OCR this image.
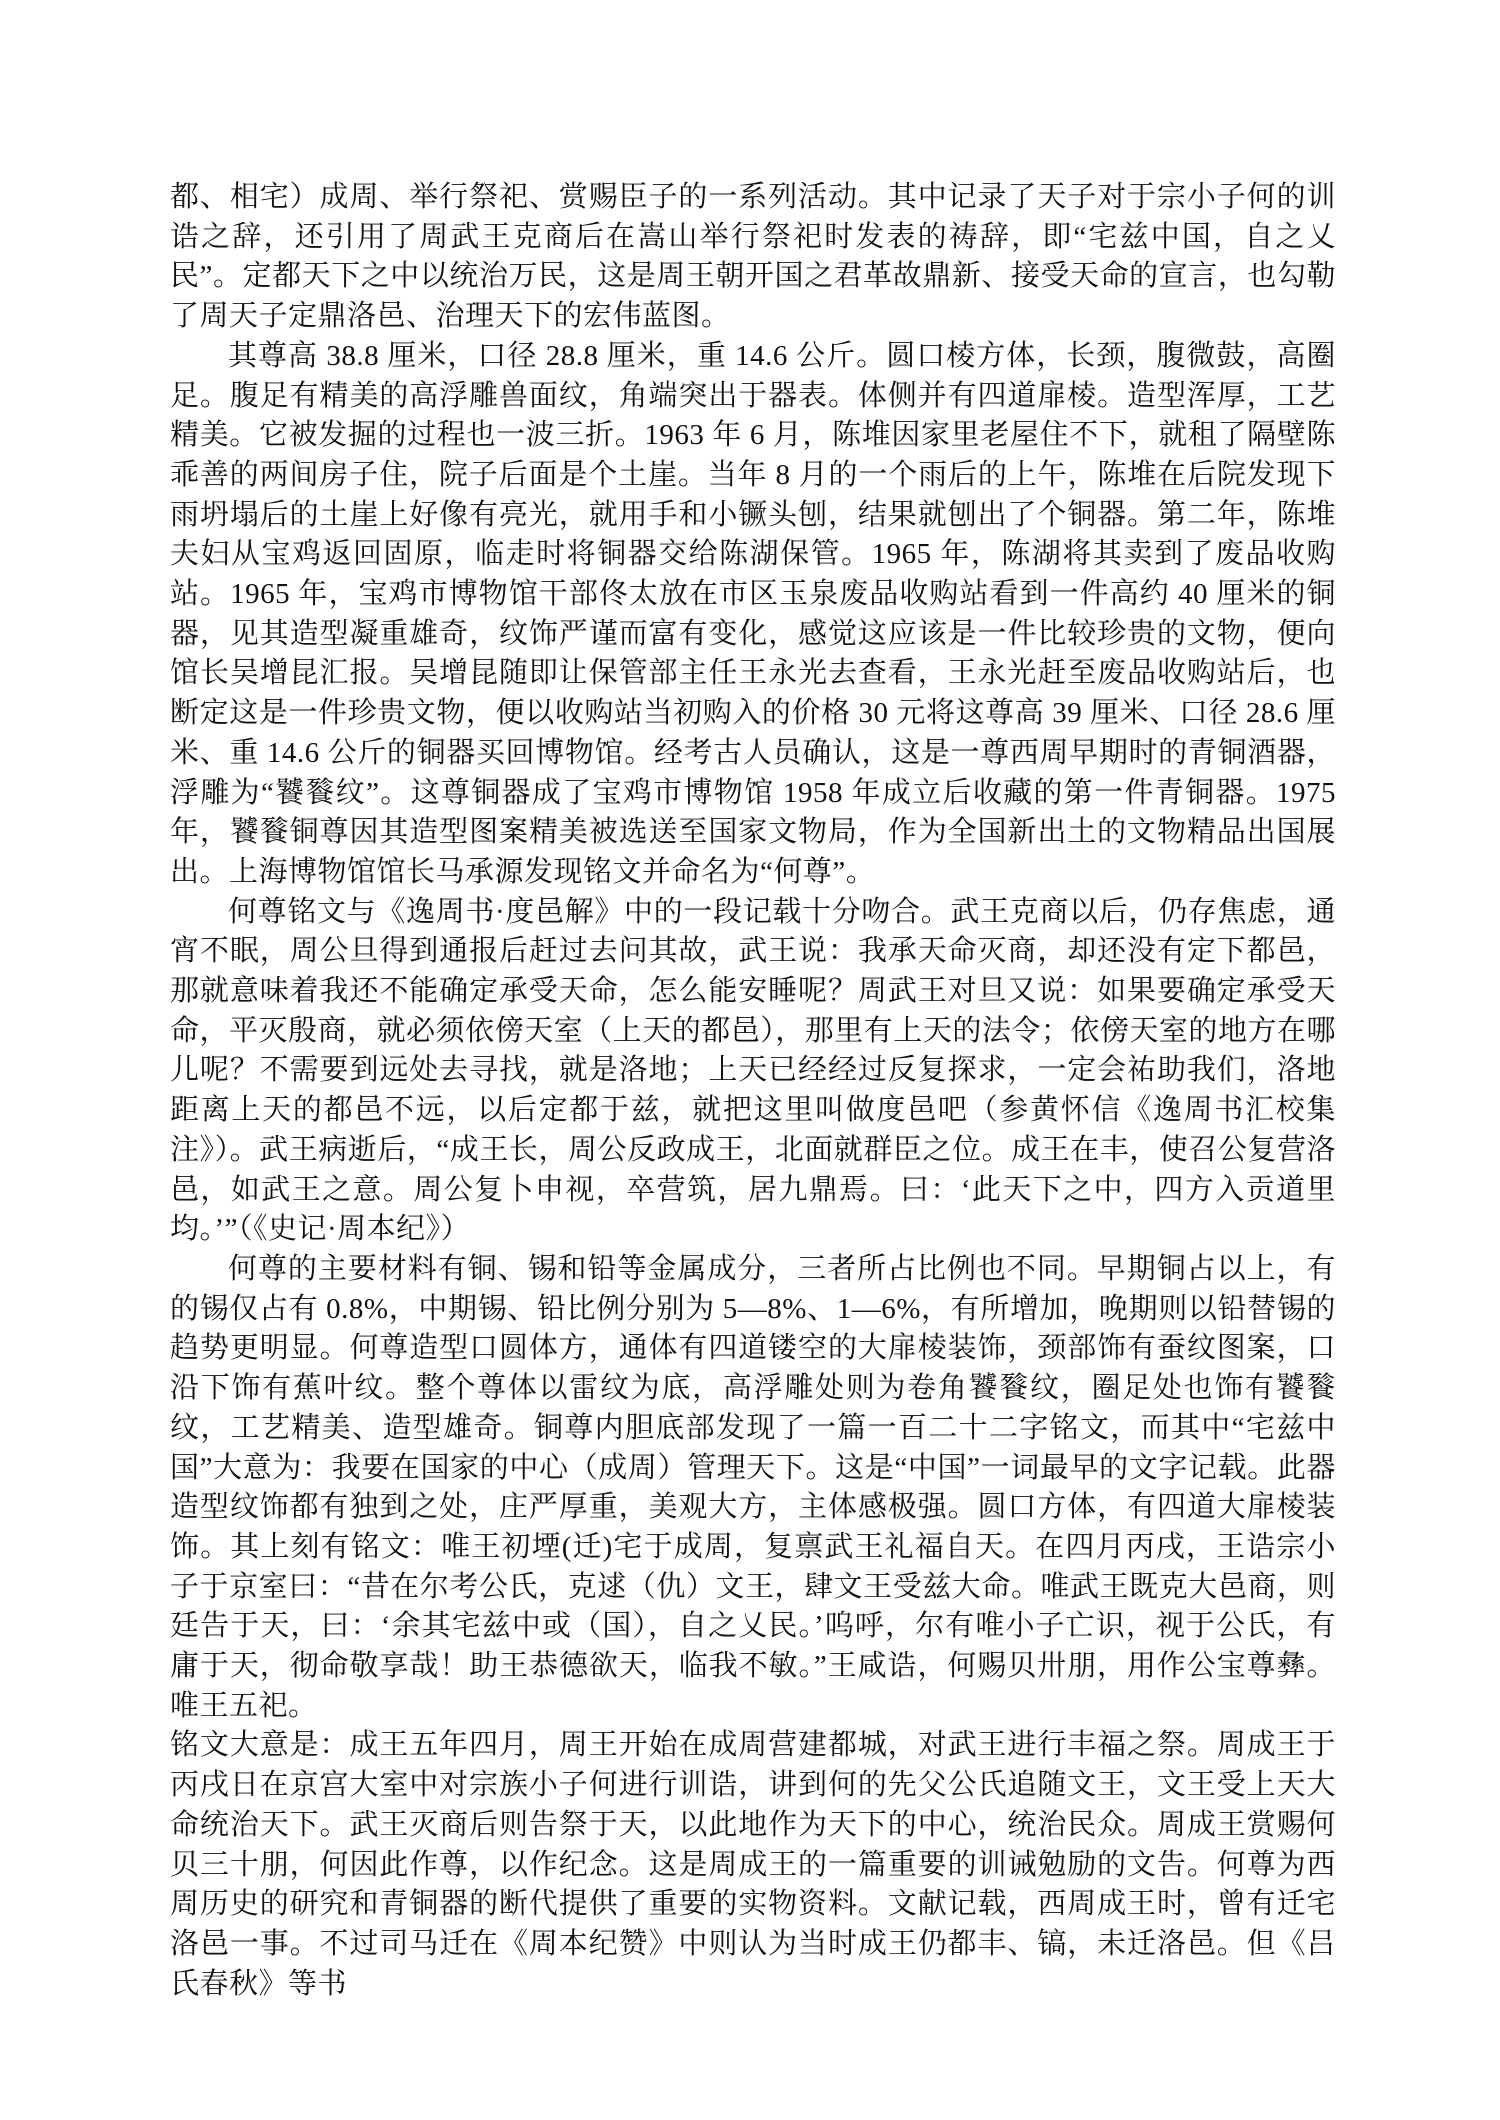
都、相宅）成周、举行祭祀、赏赐臣子的一系列活动。其中记录了天子对于宗小子何的训诰之辞，还引用了周武王克商后在嵩山举行祭祀时发表的祷辞，即“宅兹中国，自之乂民”。定都天下之中以统治万民，这是周王朝开国之君革故鼎新、接受天命的宣言，也勾勒了周天子定鼎洛邑、治理天下的宏伟蓝图。

其尊高 38.8 厘米，口径 28.8 厘米，重 14.6 公斤。圆口棱方体，长颈，腹微鼓，高圈足。腹足有精美的高浮雕兽面纹，角端突出于器表。体侧并有四道扉棱。造型浑厚，工艺精美。它被发掘的过程也一波三折。1963 年 6 月，陈堆因家里老屋住不下，就租了隔壁陈乖善的两间房子住，院子后面是个土崖。当年 8 月的一个雨后的上午，陈堆在后院发现下雨坍塌后的土崖上好像有亮光，就用手和小镢头刨，结果就刨出了个铜器。第二年，陈堆夫妇从宝鸡返回固原，临走时将铜器交给陈湖保管。1965 年，陈湖将其卖到了废品收购站。1965 年，宝鸡市博物馆干部佟太放在市区玉泉废品收购站看到一件高约 40 厘米的铜器，见其造型凝重雄奇，纹饰严谨而富有变化，感觉这应该是一件比较珍贵的文物，便向馆长吴增昆汇报。吴增昆随即让保管部主任王永光去查看，王永光赶至废品收购站后，也断定这是一件珍贵文物，便以收购站当初购入的价格 30 元将这尊高 39 厘米、口径 28.6 厘米、重 14.6 公斤的铜器买回博物馆。经考古人员确认，这是一尊西周早期时的青铜酒器，浮雕为“饕餮纹”。这尊铜器成了宝鸡市博物馆 1958 年成立后收藏的第一件青铜器。1975 年，饕餮铜尊因其造型图案精美被选送至国家文物局，作为全国新出土的文物精品出国展出。上海博物馆馆长马承源发现铭文并命名为“何尊”。

何尊铭文与《逸周书·度邑解》中的一段记载十分吻合。武王克商以后，仍存焦虑，通宵不眠，周公旦得到通报后赶过去问其故，武王说：我承天命灭商，却还没有定下都邑，那就意味着我还不能确定承受天命，怎么能安睡呢？周武王对旦又说：如果要确定承受天命，平灭殷商，就必须依傍天室（上天的都邑），那里有上天的法令；依傍天室的地方在哪儿呢？不需要到远处去寻找，就是洛地；上天已经经过反复探求，一定会祐助我们，洛地距离上天的都邑不远，以后定都于兹，就把这里叫做度邑吧（参黄怀信《逸周书汇校集注》）。武王病逝后，“成王长，周公反政成王，北面就群臣之位。成王在丰，使召公复营洛邑，如武王之意。周公复卜申视，卒营筑，居九鼎焉。曰：‘此天下之中，四方入贡道里均。’”（《史记·周本纪》）

何尊的主要材料有铜、锡和铅等金属成分，三者所占比例也不同。早期铜占以上，有的锡仅占有 0.8%，中期锡、铅比例分别为 5—8%、1—6%，有所增加，晚期则以铅替锡的趋势更明显。何尊造型口圆体方，通体有四道镂空的大扉棱装饰，颈部饰有蚕纹图案，口沿下饰有蕉叶纹。整个尊体以雷纹为底，高浮雕处则为卷角饕餮纹，圈足处也饰有饕餮纹，工艺精美、造型雄奇。铜尊内胆底部发现了一篇一百二十二字铭文，而其中“宅兹中国”大意为：我要在国家的中心（成周）管理天下。这是“中国”一词最早的文字记载。此器造型纹饰都有独到之处，庄严厚重，美观大方，主体感极强。圆口方体，有四道大扉棱装饰。其上刻有铭文：唯王初堙(迁)宅于成周，复禀武王礼福自天。在四月丙戌，王诰宗小子于京室曰：“昔在尔考公氏，克逑（仇）文王，肆文王受兹大命。唯武王既克大邑商，则廷告于天，曰：‘余其宅兹中或（国），自之乂民。’呜呼，尔有唯小子亡识，视于公氏，有庸于天，彻命敬享哉！助王恭德欲天，临我不敏。”王咸诰，何赐贝卅朋，用作公宝尊彝。唯王五祀。

铭文大意是：成王五年四月，周王开始在成周营建都城，对武王进行丰福之祭。周成王于丙戌日在京宫大室中对宗族小子何进行训诰，讲到何的先父公氏追随文王，文王受上天大命统治天下。武王灭商后则告祭于天，以此地作为天下的中心，统治民众。周成王赏赐何贝三十朋，何因此作尊，以作纪念。这是周成王的一篇重要的训诫勉励的文告。何尊为西周历史的研究和青铜器的断代提供了重要的实物资料。文献记载，西周成王时，曾有迁宅洛邑一事。不过司马迁在《周本纪赞》中则认为当时成王仍都丰、镐，未迁洛邑。但《吕氏春秋》等书
